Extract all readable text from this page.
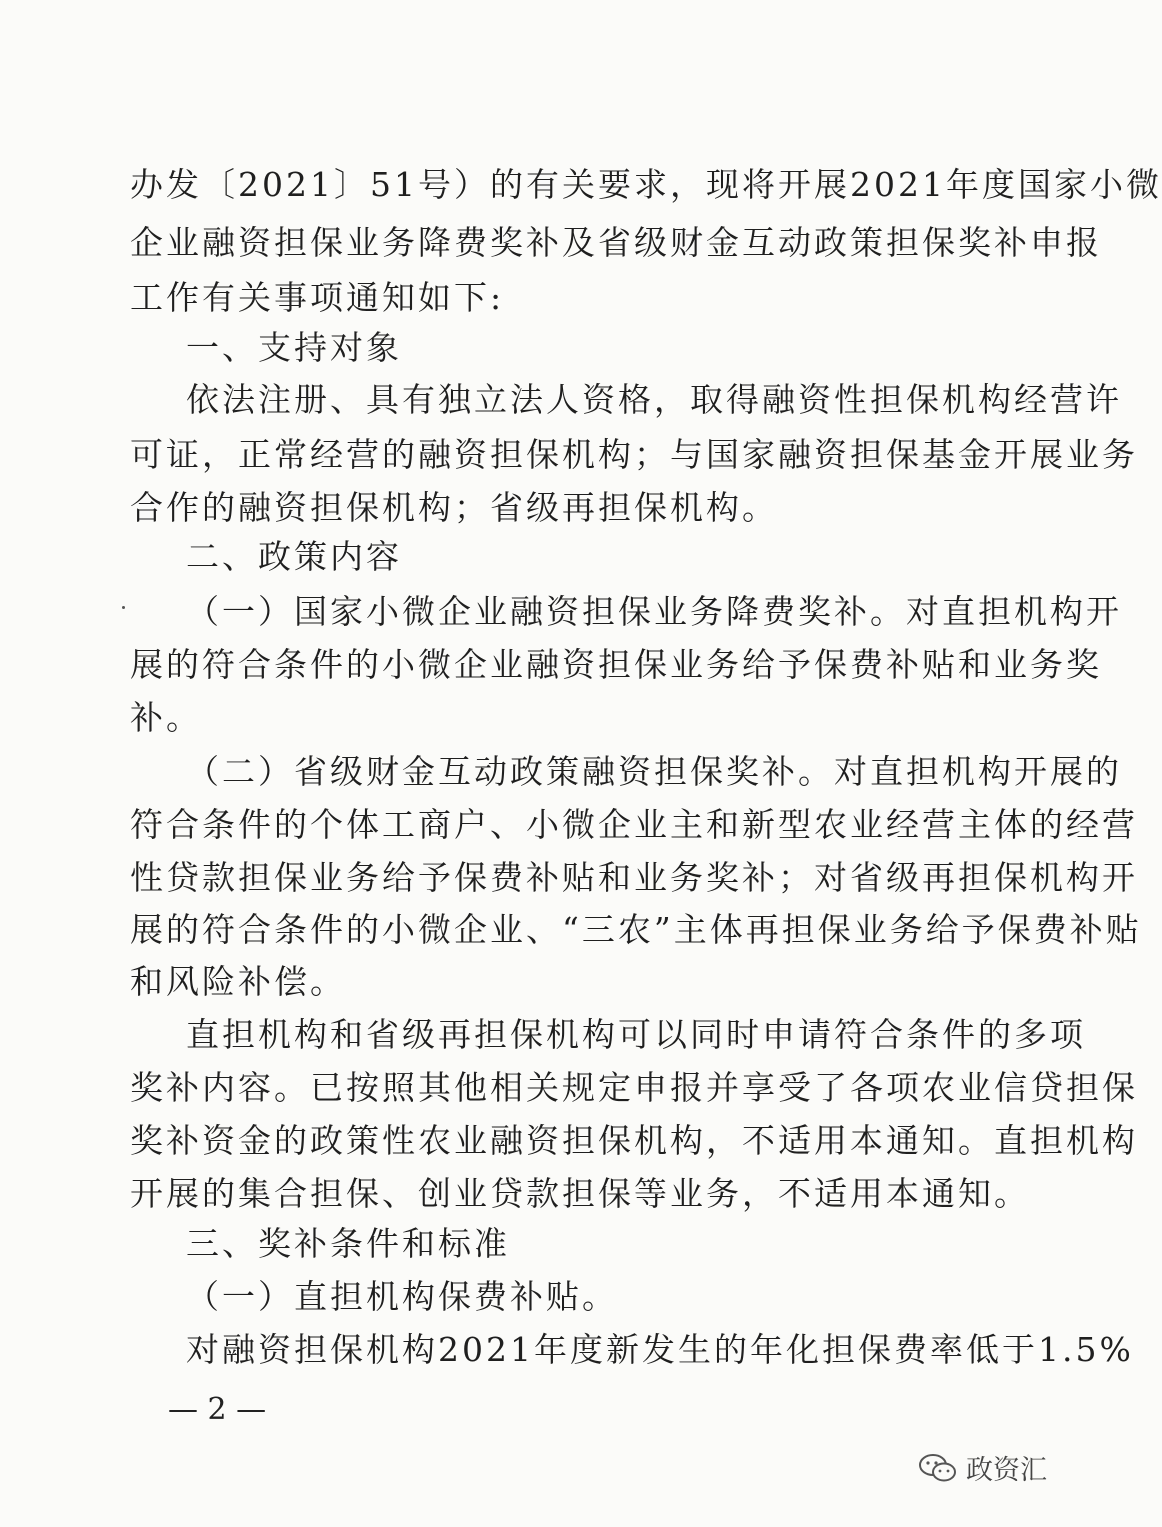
办发〔2021〕51号）的有关要求，现将开展2021年度国家小微
企业融资担保业务降费奖补及省级财金互动政策担保奖补申报
工作有关事项通知如下:
一、支持对象
依法注册、具有独立法人资格，取得融资性担保机构经营许
可证，正常经营的融资担保机构；与国家融资担保基金开展业务
合作的融资担保机构；省级再担保机构。
二、政策内容
（一）国家小微企业融资担保业务降费奖补。对直担机构开
展的符合条件的小微企业融资担保业务给予保费补贴和业务奖
补。
（二）省级财金互动政策融资担保奖补。对直担机构开展的
符合条件的个体工商户、小微企业主和新型农业经营主体的经营
性贷款担保业务给予保费补贴和业务奖补；对省级再担保机构开
展的符合条件的小微企业、“三农”主体再担保业务给予保费补贴
和风险补偿。
直担机构和省级再担保机构可以同时申请符合条件的多项
奖补内容。已按照其他相关规定申报并享受了各项农业信贷担保
奖补资金的政策性农业融资担保机构，不适用本通知。直担机构
开展的集合担保、创业贷款担保等业务，不适用本通知。
三、奖补条件和标准
（一）直担机构保费补贴。
对融资担保机构2021年度新发生的年化担保费率低于1.5%
— 2 —
政资汇
